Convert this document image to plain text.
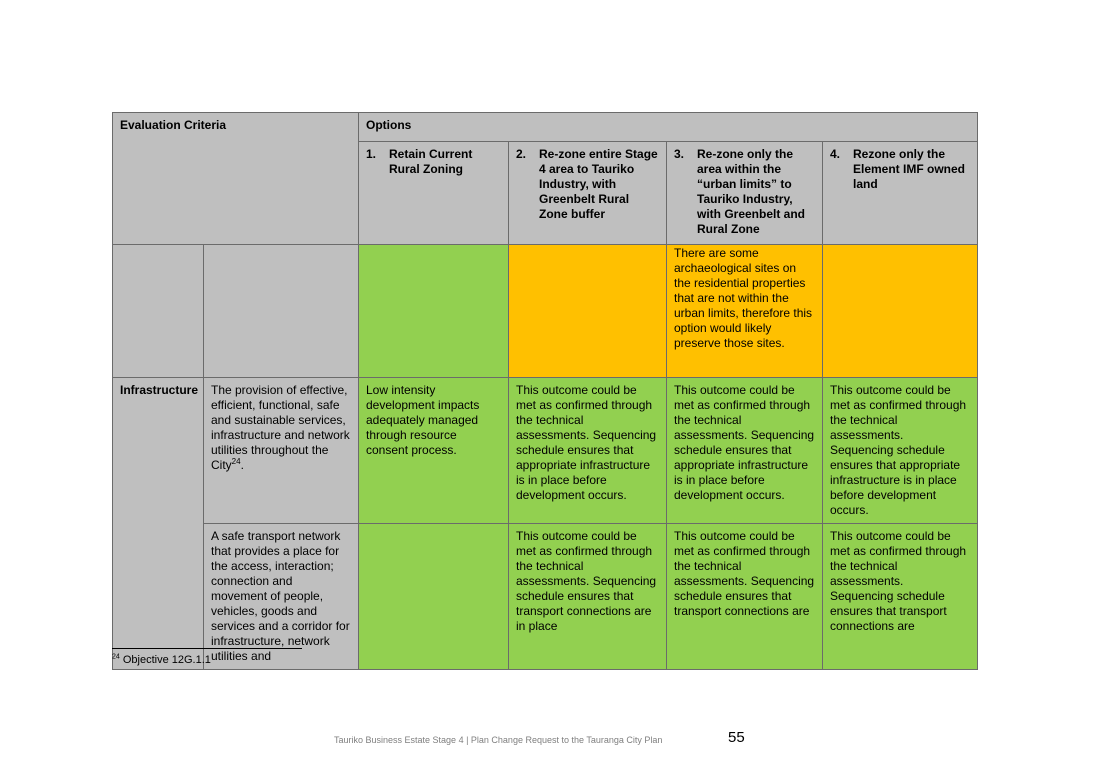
Evaluation Criteria		Options			

		1. Retain Current Rural Zoning	2. Re-zone entire Stage 4 area to Tauriko Industry, with Greenbelt Rural Zone buffer	3. Re-zone only the area within the “urban limits” to Tauriko Industry, with Greenbelt and Rural Zone	4. Rezone only the Element IMF owned land

				There are some archaeological sites on the residential properties that are not within the urban limits, therefore this option would likely preserve those sites.	
Infrastructure	The provision of effective, efficient, functional, safe and sustainable services, infrastructure and network utilities throughout the City$^{24}$.	Low intensity development impacts adequately managed through resource consent process.	This outcome could be met as confirmed through the technical assessments. Sequencing schedule ensures that appropriate infrastructure is in place before development occurs.	This outcome could be met as confirmed through the technical assessments. Sequencing schedule ensures that appropriate infrastructure is in place before development occurs.	This outcome could be met as confirmed through the technical assessments. Sequencing schedule ensures that appropriate infrastructure is in place before development occurs.
	A safe transport network that provides a place for the access, interaction; connection and movement of people, vehicles, goods and services and a corridor for infrastructure, network utilities and		This outcome could be met as confirmed through the technical assessments. Sequencing schedule ensures that transport connections are in place	This outcome could be met as confirmed through the technical assessments. Sequencing schedule ensures that transport connections are	This outcome could be met as confirmed through the technical assessments. Sequencing schedule ensures that transport connections are
$^{24}$ Objective 12G.1.1
Tauriko Business Estate Stage 4 | Plan Change Request to the Tauranga City Plan	55
